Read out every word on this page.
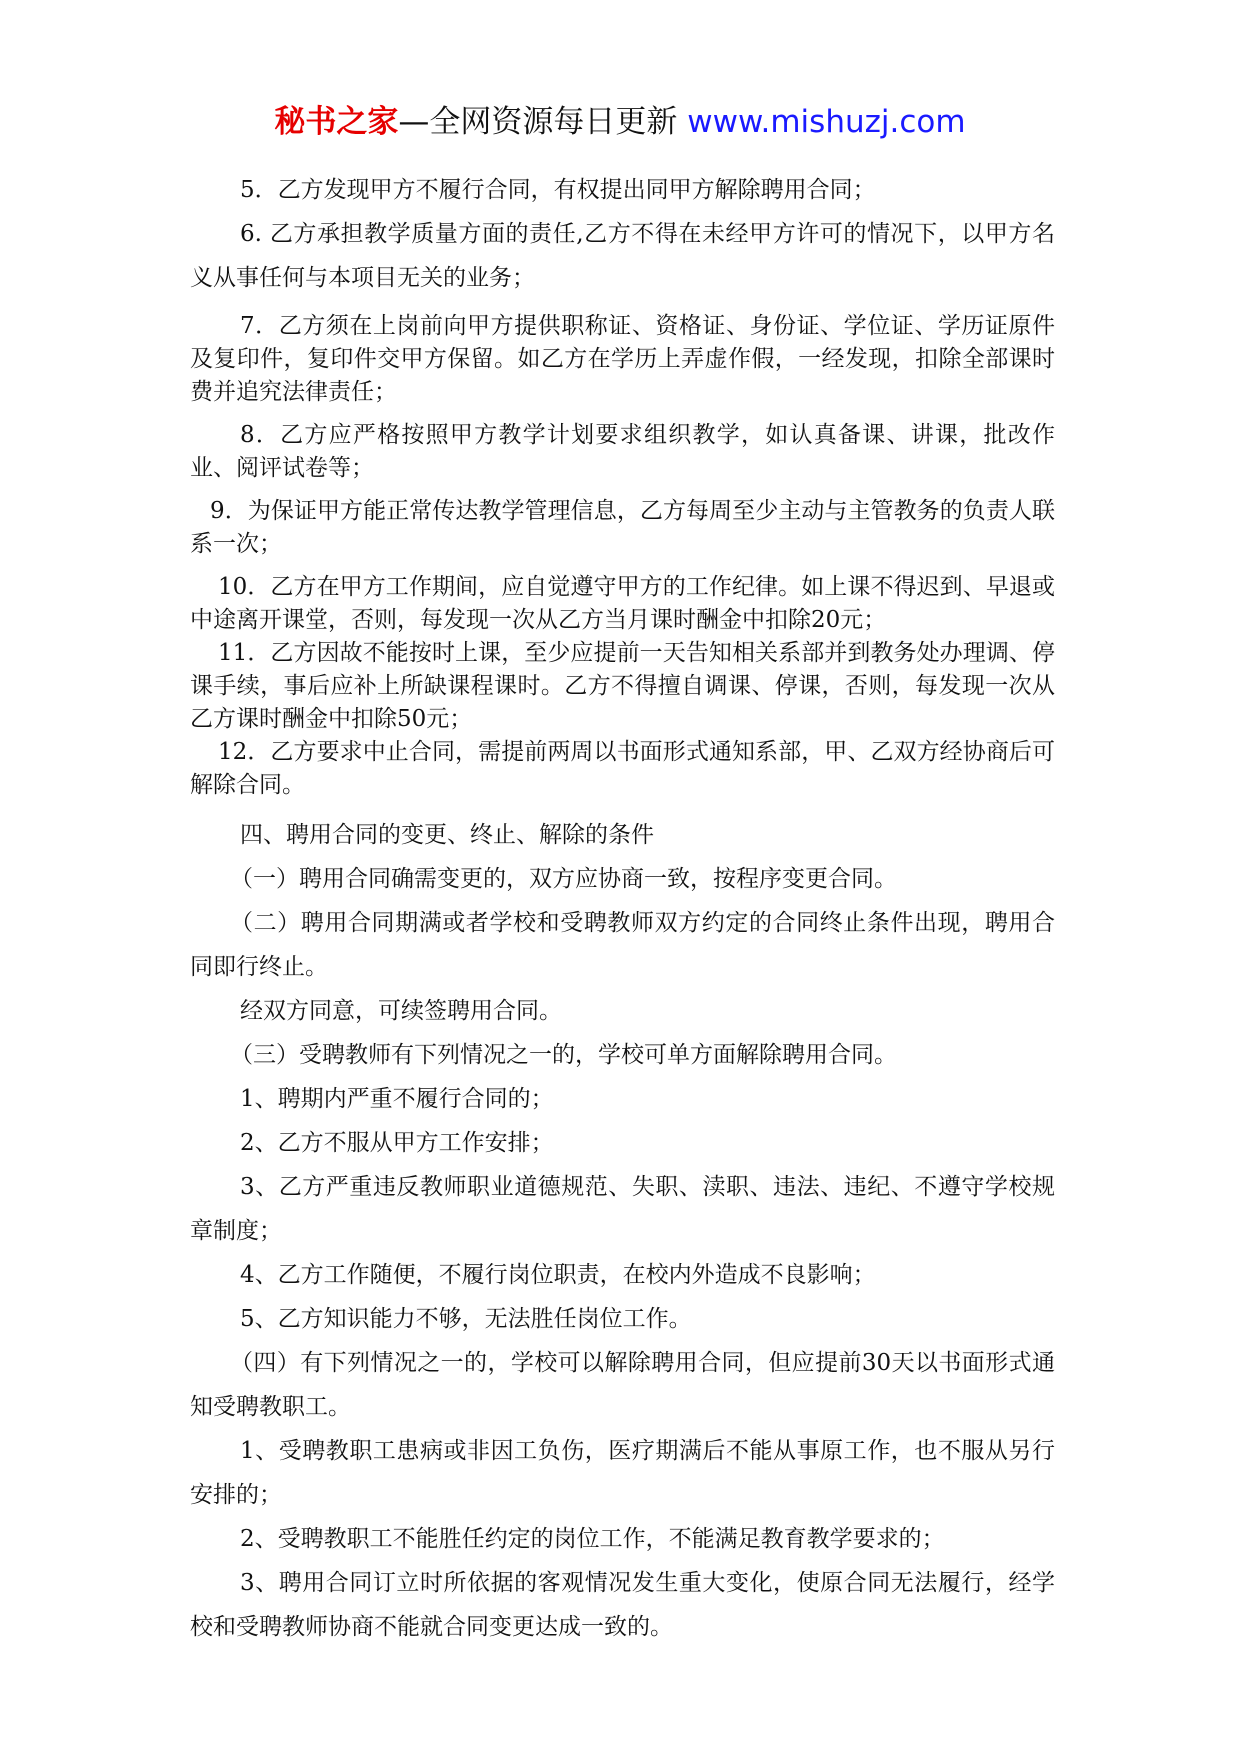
秘书之家—全网资源每日更新 www.mishuzj.com

5．乙方发现甲方不履行合同，有权提出同甲方解除聘用合同；

6. 乙方承担教学质量方面的责任,乙方不得在未经甲方许可的情况下，以甲方名义从事任何与本项目无关的业务；

7．乙方须在上岗前向甲方提供职称证、资格证、身份证、学位证、学历证原件及复印件，复印件交甲方保留。如乙方在学历上弄虚作假，一经发现，扣除全部课时费并追究法律责任；

8．乙方应严格按照甲方教学计划要求组织教学，如认真备课、讲课，批改作业、阅评试卷等；

9．为保证甲方能正常传达教学管理信息，乙方每周至少主动与主管教务的负责人联系一次；

10．乙方在甲方工作期间，应自觉遵守甲方的工作纪律。如上课不得迟到、早退或中途离开课堂，否则，每发现一次从乙方当月课时酬金中扣除20元；

11．乙方因故不能按时上课，至少应提前一天告知相关系部并到教务处办理调、停课手续，事后应补上所缺课程课时。乙方不得擅自调课、停课，否则，每发现一次从乙方课时酬金中扣除50元；

12．乙方要求中止合同，需提前两周以书面形式通知系部，甲、乙双方经协商后可解除合同。

四、聘用合同的变更、终止、解除的条件

（一）聘用合同确需变更的，双方应协商一致，按程序变更合同。

（二）聘用合同期满或者学校和受聘教师双方约定的合同终止条件出现，聘用合同即行终止。

经双方同意，可续签聘用合同。

（三）受聘教师有下列情况之一的，学校可单方面解除聘用合同。

1、聘期内严重不履行合同的；

2、乙方不服从甲方工作安排；

3、乙方严重违反教师职业道德规范、失职、渎职、违法、违纪、不遵守学校规章制度；

4、乙方工作随便，不履行岗位职责，在校内外造成不良影响；

5、乙方知识能力不够，无法胜任岗位工作。

（四）有下列情况之一的，学校可以解除聘用合同，但应提前30天以书面形式通知受聘教职工。

1、受聘教职工患病或非因工负伤，医疗期满后不能从事原工作，也不服从另行安排的；

2、受聘教职工不能胜任约定的岗位工作，不能满足教育教学要求的；

3、聘用合同订立时所依据的客观情况发生重大变化，使原合同无法履行，经学校和受聘教师协商不能就合同变更达成一致的。
